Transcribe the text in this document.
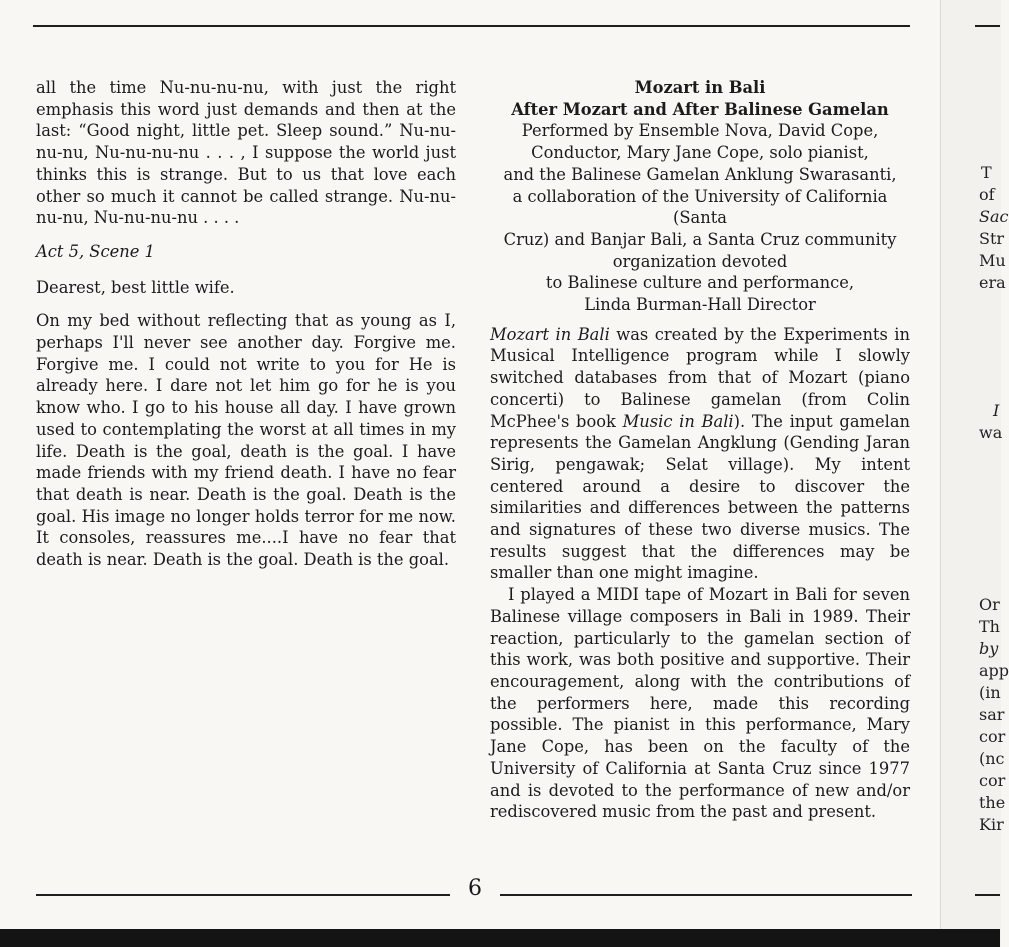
all the time Nu-nu-nu-nu, with just the right emphasis this word just demands and then at the last: “Good night, little pet. Sleep sound.” Nu-nu-nu-nu, Nu-nu-nu-nu . . . , I suppose the world just thinks this is strange. But to us that love each other so much it cannot be called strange. Nu-nu-nu-nu, Nu-nu-nu-nu . . . .

Act 5, Scene 1

Dearest, best little wife.

On my bed without reflecting that as young as I, perhaps I'll never see another day. Forgive me. Forgive me. I could not write to you for He is already here. I dare not let him go for he is you know who. I go to his house all day. I have grown used to contemplating the worst at all times in my life. Death is the goal, death is the goal. I have made friends with my friend death. I have no fear that death is near. Death is the goal. Death is the goal. His image no longer holds terror for me now. It consoles, reassures me....I have no fear that death is near. Death is the goal. Death is the goal.

Mozart in Bali
After Mozart and After Balinese Gamelan
Performed by Ensemble Nova, David Cope,
Conductor, Mary Jane Cope, solo pianist,
and the Balinese Gamelan Anklung Swarasanti,
a collaboration of the University of California (Santa
Cruz) and Banjar Bali, a Santa Cruz community
organization devoted
to Balinese culture and performance,
Linda Burman-Hall Director

Mozart in Bali was created by the Experiments in Musical Intelligence program while I slowly switched databases from that of Mozart (piano concerti) to Balinese gamelan (from Colin McPhee's book Music in Bali). The input gamelan represents the Gamelan Angklung (Gending Jaran Sirig, pengawak; Selat village). My intent centered around a desire to discover the similarities and differences between the patterns and signatures of these two diverse musics. The results suggest that the differences may be smaller than one might imagine.

I played a MIDI tape of Mozart in Bali for seven Balinese village composers in Bali in 1989. Their reaction, particularly to the gamelan section of this work, was both positive and supportive. Their encouragement, along with the contributions of the performers here, made this recording possible. The pianist in this performance, Mary Jane Cope, has been on the faculty of the University of California at Santa Cruz since 1977 and is devoted to the performance of new and/or rediscovered music from the past and present.

6
T
of
Sac
Str
Mu
era
I
wa
Or
Th
by
app
(in
sar
cor
(nc
cor
the
Kir
